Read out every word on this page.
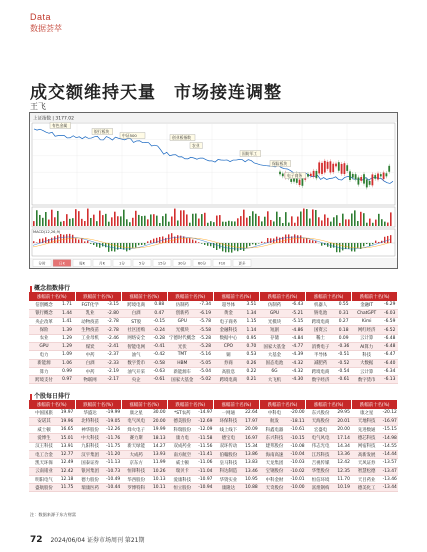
Data
数据荟萃
成交额维持天量　市场接连调整
王飞
上证指数 | 3177.02
有色金属
银行板块
中证500	创业板指数
农业
国防军工
保险板块
电子商务
MACD(12,26,9)
分时	日K	周K	月K	1分	5分	15分	30分	60分	F10	更多
概念指数排行
涨幅前十名(%)		跌幅前十名(%)		涨幅前十名(%)		跌幅前十名(%)		涨幅前十名(%)		跌幅前十名(%)		涨幅前十名(%)		跌幅前十名(%)	
信创概念	1.71	FGT化学	-3.15	跨境电商	0.88	仿制药	-7.34	超导体	3.51	仿制药	-6.43	机器人	0.55	金融IT	-6.29
银行概念	1.44	乳业	-2.80	白酒	0.47	创新药	-6.19	黄金	1.34	GPU	-5.21	钠电池	0.31	ChatGPT	-6.03
央企改革	1.41	动物疫苗	-2.78	ST股	-0.15	GPU	-5.78	电子商务	1.15	光模块	-5.15	跨境电商	0.27	Kimi	-6.59
保险	1.39	生物疫苗	-2.78	社区团购	-0.24	光模块	-5.58	金融科技	1.14	短剧	-4.86	国资云	0.18	网红经济	-6.52
农业	1.29	工业母机	-2.46	网络安全	-0.28	宁德时代概念	-5.28	数据中心	0.95	存储	-4.84	稀土	0.09	云计算	-6.48
GPU	1.29	煤炭	-2.41	智能电网	-0.41	光伏	-5.28	CPO	0.70	国家大基金	-4.77	消费电子	-0.36	AI算力	-6.48
电力	1.09	中药	-2.37	油气	-0.42	TMT	-5.16	铜	0.53	大基金	-4.39	半导体	-0.51	科技	-6.47
新能源	1.06	白酒	-2.33	数字货币	-0.58	HBM	-5.05	券商	0.26	固态电池	-4.32	减肥药	-0.52	大数据	-6.40
算力	0.99	中药	-2.19	油气开采	-0.63	新能源车	-5.04	高股息	0.22	6G	-4.32	跨境电商	-0.54	云计算	-6.34
跨境支付	0.97	物联网	-2.17	央企	-0.61	国家大基金	-5.02	跨境电商	0.21	大飞机	-4.30	数字经济	-0.61	数字货币	-6.13
个股每日排行
涨幅前十名(%)		跌幅前十名(%)		涨幅前十名(%)		跌幅前十名(%)		涨幅前十名(%)		跌幅前十名(%)		涨幅前十名(%)		跌幅前十名(%)	
中国国旅	19.97	华盛达	-19.99	康之星	30.00	*ST农药	-14.97	一网通	22.64	中科电	-20.00	东兴股份	29.95	康之星	-20.12
安诺其	19.96	北特科技	-19.05	电气风电	20.00	德美股份	-12.69	环保科技	17.97	航发	-18.11	天海股份	20.01	天地科技	-16.97
威士顿	16.65	神华股份	-12.26	烽火电子	19.99	科瑞股份	-12.09	线上线下	20.09	科鑫电器	-10.61	宏盛电	20.00	先进数通	-15.15
爱博生	15.01	中大科技	-11.76	赛力斯	18.13	康力电	-11.58	德宝电	16.97	东兴科技	-10.15	电气风电	17.14	德芯科技	-14.98
汉王科技	13.91	九阳科技	-11.75	新天绿能	14.27	双成药业	-11.56	双环传动	15.34	建邦股份	-10.08	伟志光电	14.34	网宿科技	-14.55
电工合金	12.77	汉宇集团	-11.20	大成药	13.93	南方航空	-11.41	伯翰股份	13.86	海南高速	-10.04	江苏科技	13.36	高新发展	-14.44
凯天环保	12.49	国泰证券	-11.13	京东方	11.99	威士顿	-11.06	皇马科技	13.83	天龙集团	-10.03	吉视传媒	12.42	天风证券	-13.57
云南锗业	12.42	银河集团	-10.73	恒锋科技	10.26	瑞贝卡	-11.04	科达制造	13.46	宝钢股份	-10.02	华塑股份	12.35	智慧松德	-13.47
明阳电气	12.18	德力股份	-10.49	华西股份	10.13	爱康科技	-10.97	华资实业	10.95	中科金财	-10.01	恒信环境	11.70	天目药业	-13.46
盛航股份	11.75	瑞康医药	-10.44	罗博特科	10.11	恒立股份	-10.94	康隆达	10.88	天奇股份	-10.00	富煌钢构	10.19	德美化工	-13.44
注：数据来源于东方财富
72 2024/06/04 证券市场周刊 第21期
